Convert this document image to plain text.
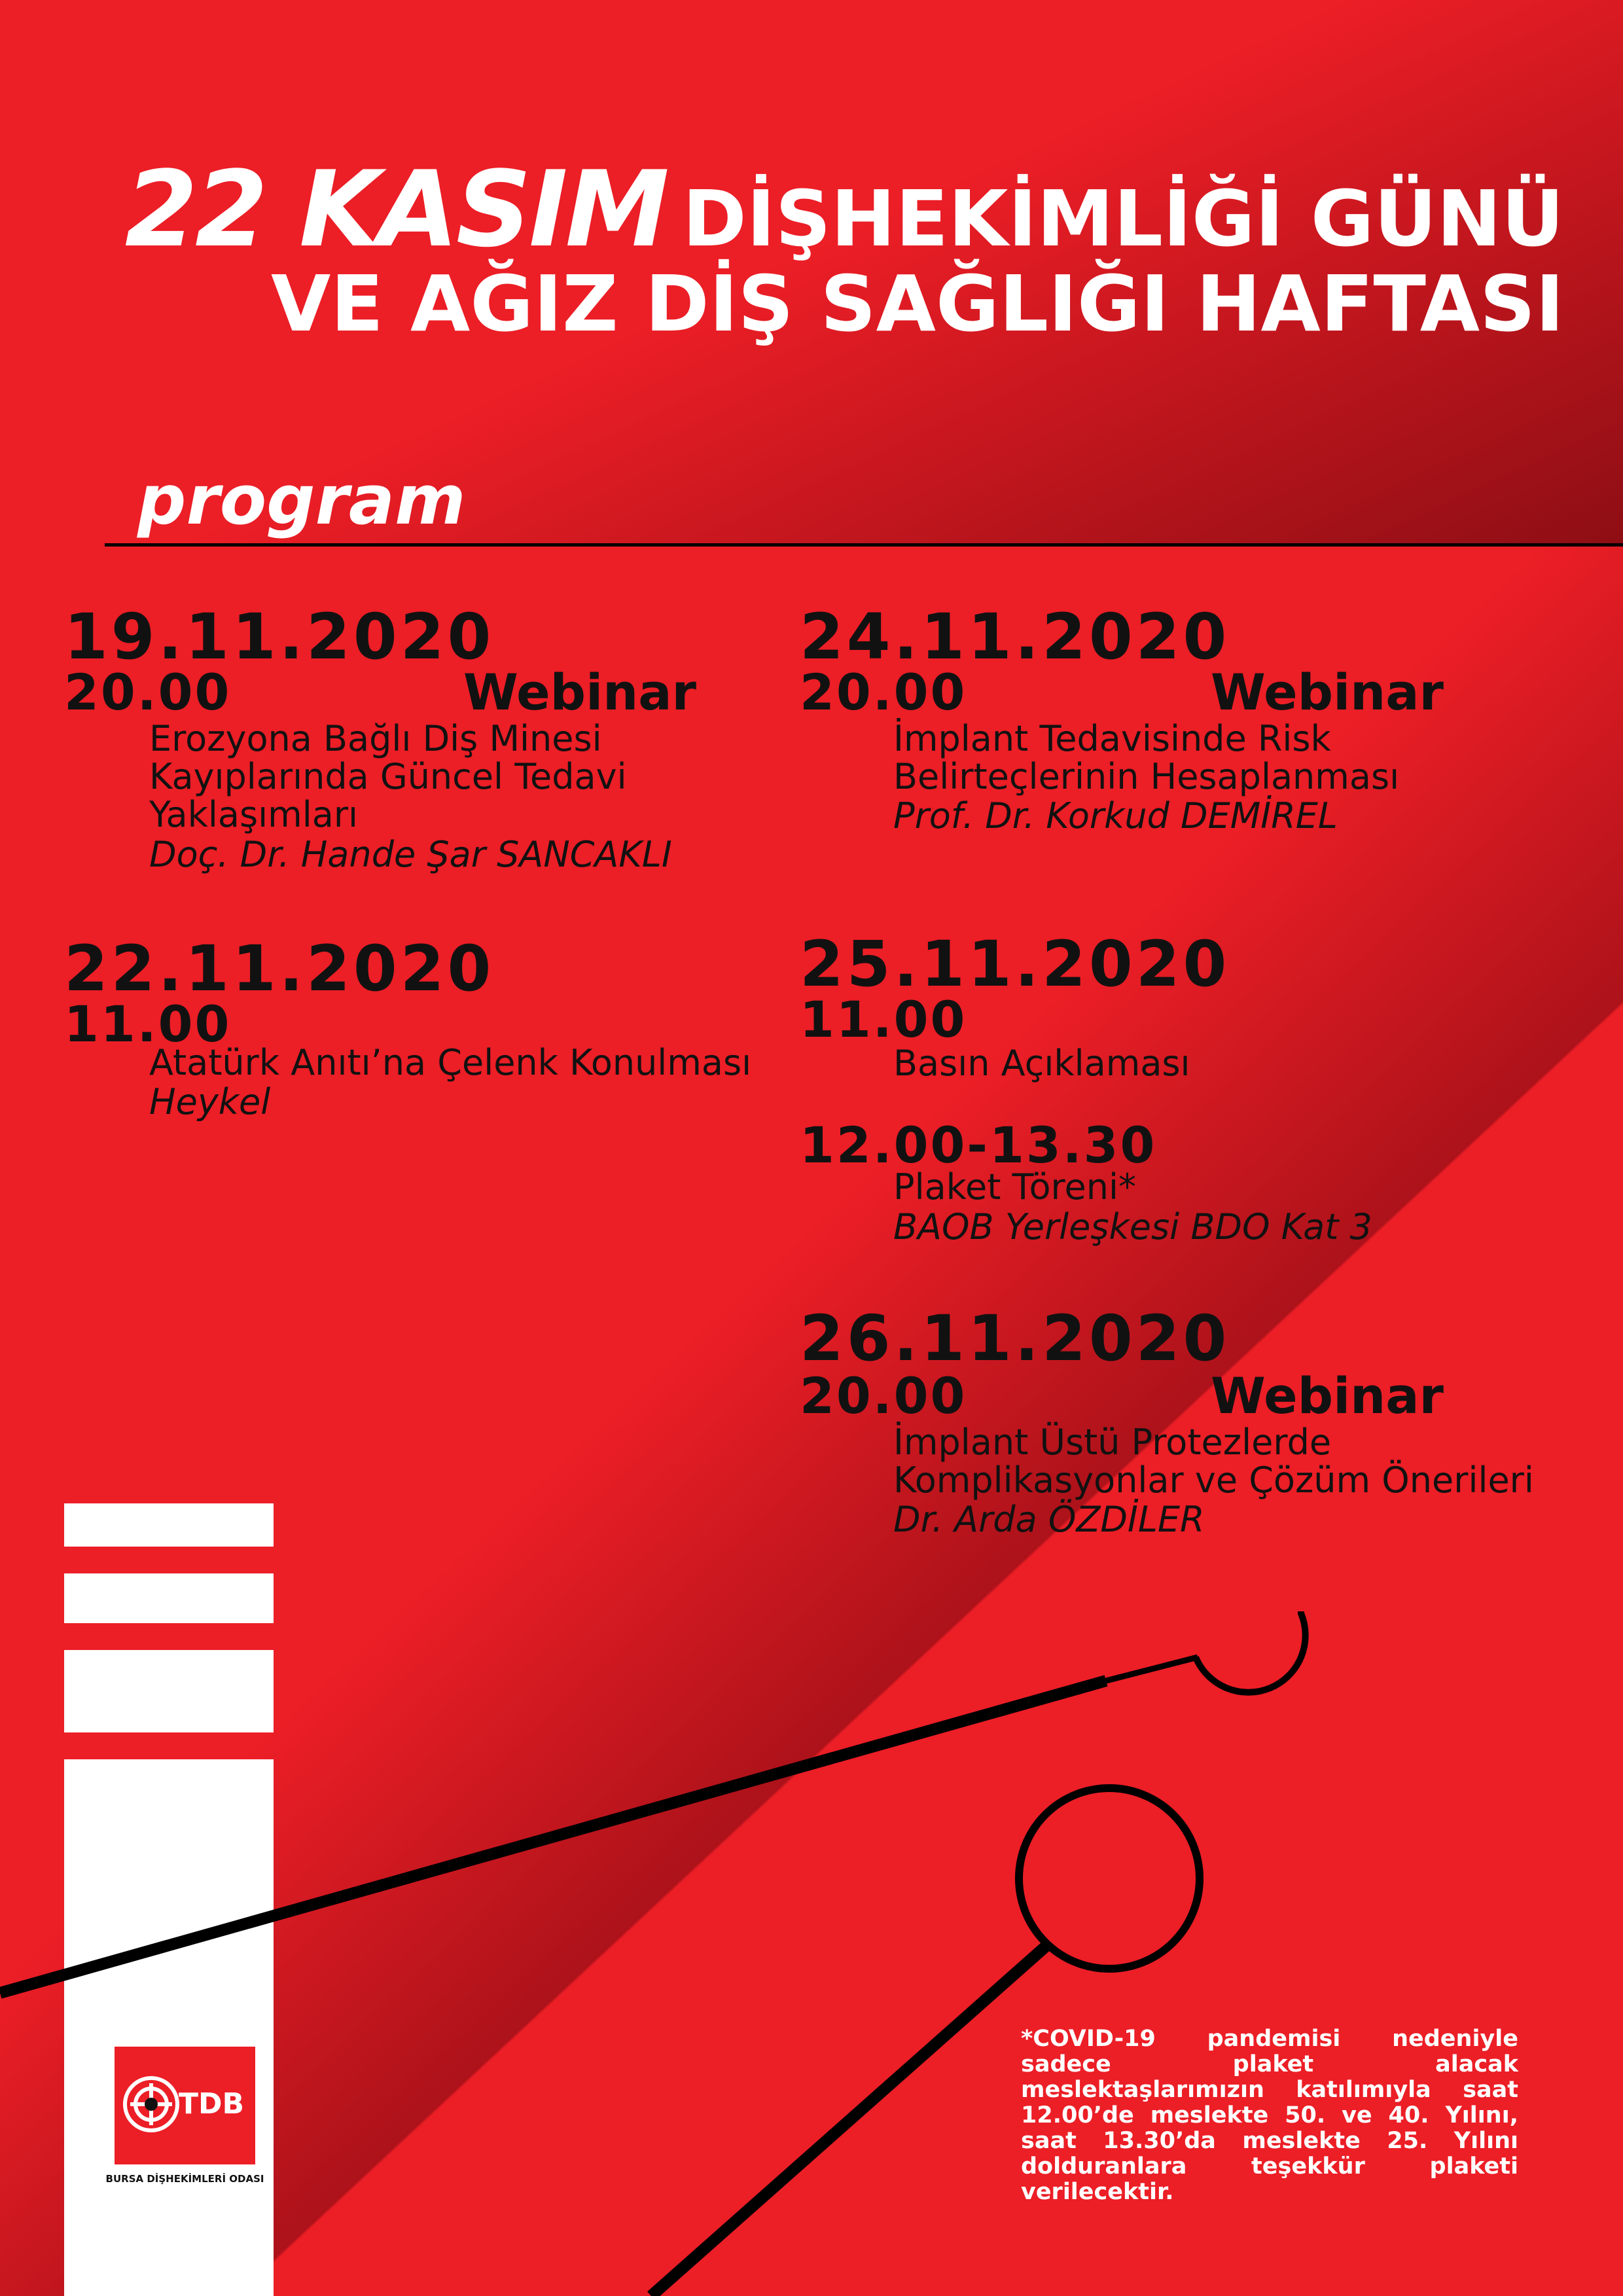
22 KASIM DİŞHEKİMLİĞİ GÜNÜ
VE AĞIZ DİŞ SAĞLIĞI HAFTASI
program
19.11.2020
20.00	Webinar
Erozyona Bağlı Diş Minesi Kayıplarında Güncel Tedavi Yaklaşımları
Doç. Dr. Hande Şar SANCAKLI
22.11.2020
11.00
Atatürk Anıtı’na Çelenk Konulması
Heykel
24.11.2020
20.00	Webinar
İmplant Tedavisinde Risk Belirteçlerinin Hesaplanması
Prof. Dr. Korkud DEMİREL
25.11.2020
11.00
Basın Açıklaması
12.00-13.30
Plaket Töreni*
BAOB Yerleşkesi BDO Kat 3
26.11.2020
20.00	Webinar
İmplant Üstü Protezlerde Komplikasyonlar ve Çözüm Önerileri
Dr. Arda ÖZDİLER
TDB
BURSA DİŞHEKİMLERİ ODASI
*COVID-19 pandemisi nedeniyle sadece plaket alacak meslektaşlarımızın katılımıyla saat 12.00’de meslekte 50. ve 40. Yılını, saat 13.30’da meslekte 25. Yılını dolduranlara teşekkür plaketi verilecektir.
